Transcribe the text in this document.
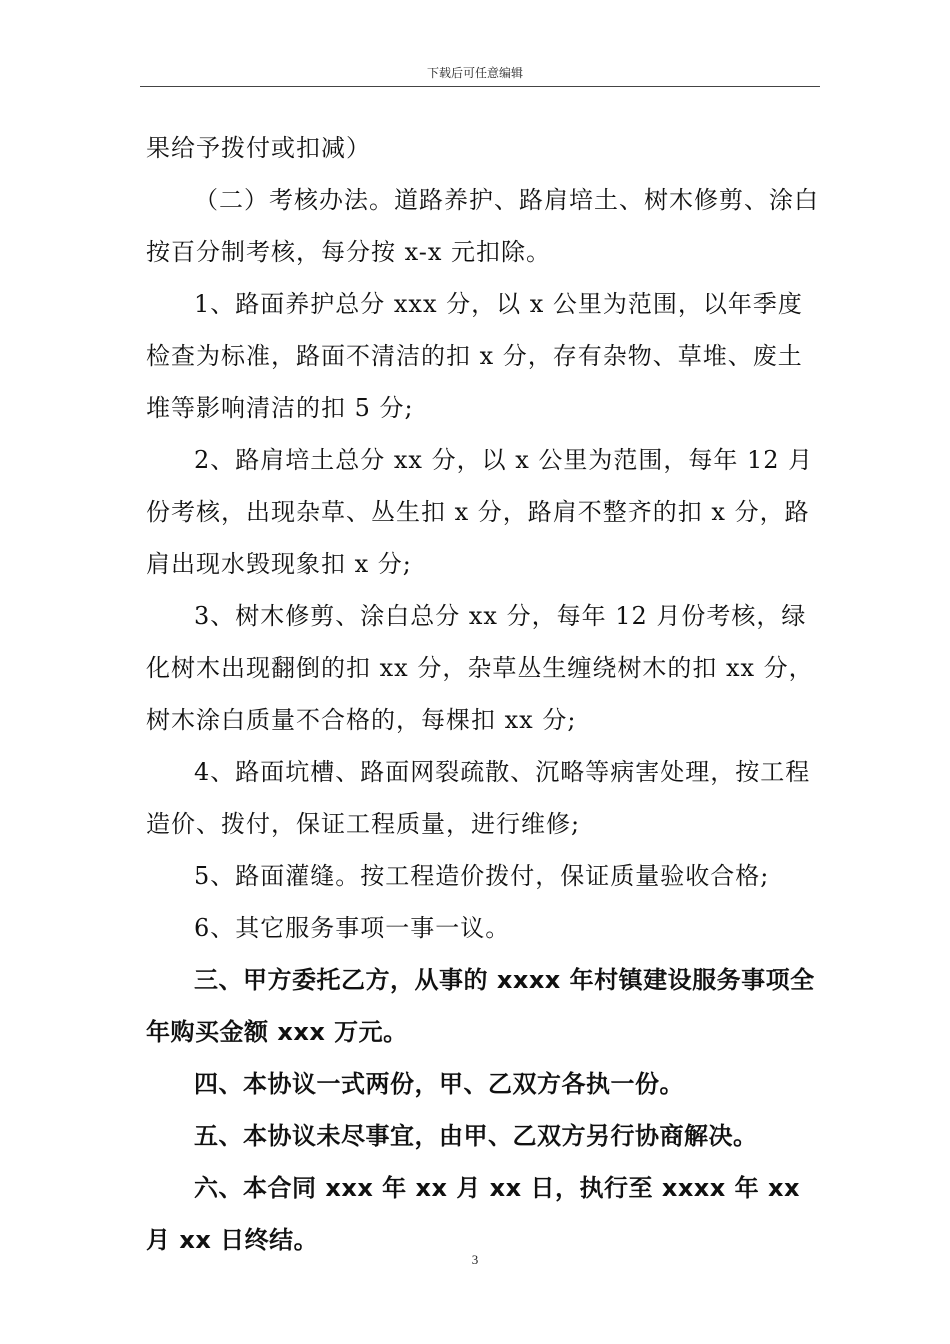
下载后可任意编辑

果给予拨付或扣减）

（二）考核办法。道路养护、路肩培土、树木修剪、涂白按百分制考核，每分按 x-x 元扣除。

1、路面养护总分 xxx 分，以 x 公里为范围，以年季度检查为标准，路面不清洁的扣 x 分，存有杂物、草堆、废土堆等影响清洁的扣 5 分;

2、路肩培土总分 xx 分，以 x 公里为范围，每年 12 月份考核，出现杂草、丛生扣 x 分，路肩不整齐的扣 x 分，路肩出现水毁现象扣 x 分;

3、树木修剪、涂白总分 xx 分，每年 12 月份考核，绿化树木出现翻倒的扣 xx 分，杂草丛生缠绕树木的扣 xx 分，树木涂白质量不合格的，每棵扣 xx 分;

4、路面坑槽、路面网裂疏散、沉略等病害处理，按工程造价、拨付，保证工程质量，进行维修;

5、路面灌缝。按工程造价拨付，保证质量验收合格;

6、其它服务事项一事一议。

三、甲方委托乙方，从事的 xxxx 年村镇建设服务事项全年购买金额 xxx 万元。

四、本协议一式两份，甲、乙双方各执一份。

五、本协议未尽事宜，由甲、乙双方另行协商解决。

六、本合同 xxx 年 xx 月 xx 日，执行至 xxxx 年 xx 月 xx 日终结。

3
